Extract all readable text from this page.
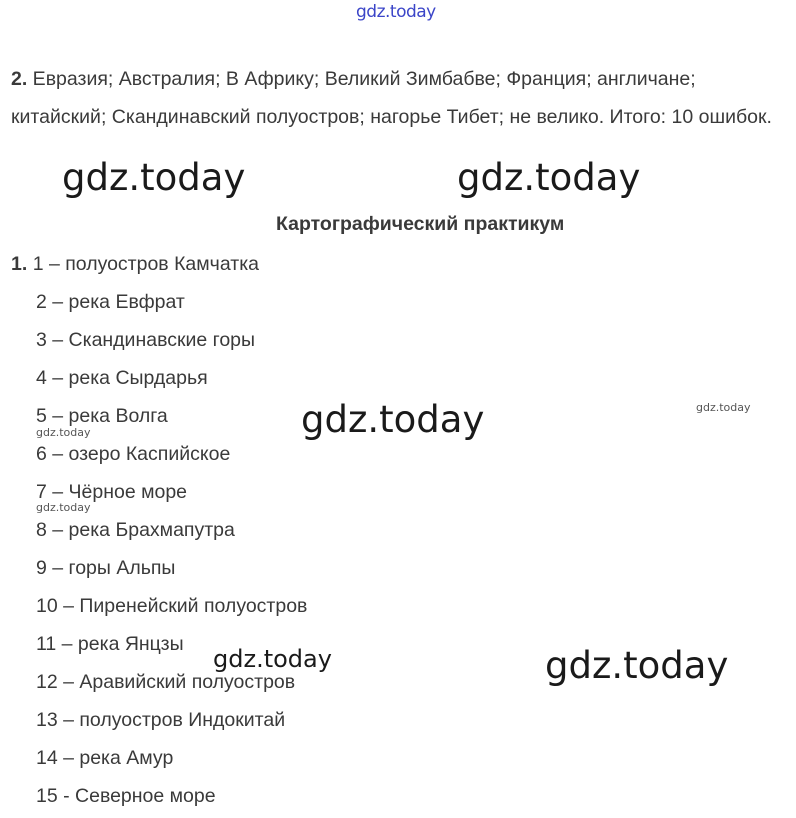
gdz.today
2. Евразия; Австралия; В Африку; Великий Зимбабве; Франция; англичане; китайский; Скандинавский полуостров; нагорье Тибет; не велико. Итого: 10 ошибок.
gdz.today	gdz.today
Картографический практикум
1. 1 – полуостров Камчатка
2 – река Евфрат
3 – Скандинавские горы
4 – река Сырдарья
5 – река Волга
6 – озеро Каспийское
7 – Чёрное море
8 – река Брахмапутра
9 – горы Альпы
10 – Пиренейский полуостров
11 – река Янцзы
12 – Аравийский полуостров
13 – полуостров Индокитай
14 – река Амур
15 - Северное море
gdz.today
gdz.today
gdz.today
gdz.today
gdz.today
gdz.today
